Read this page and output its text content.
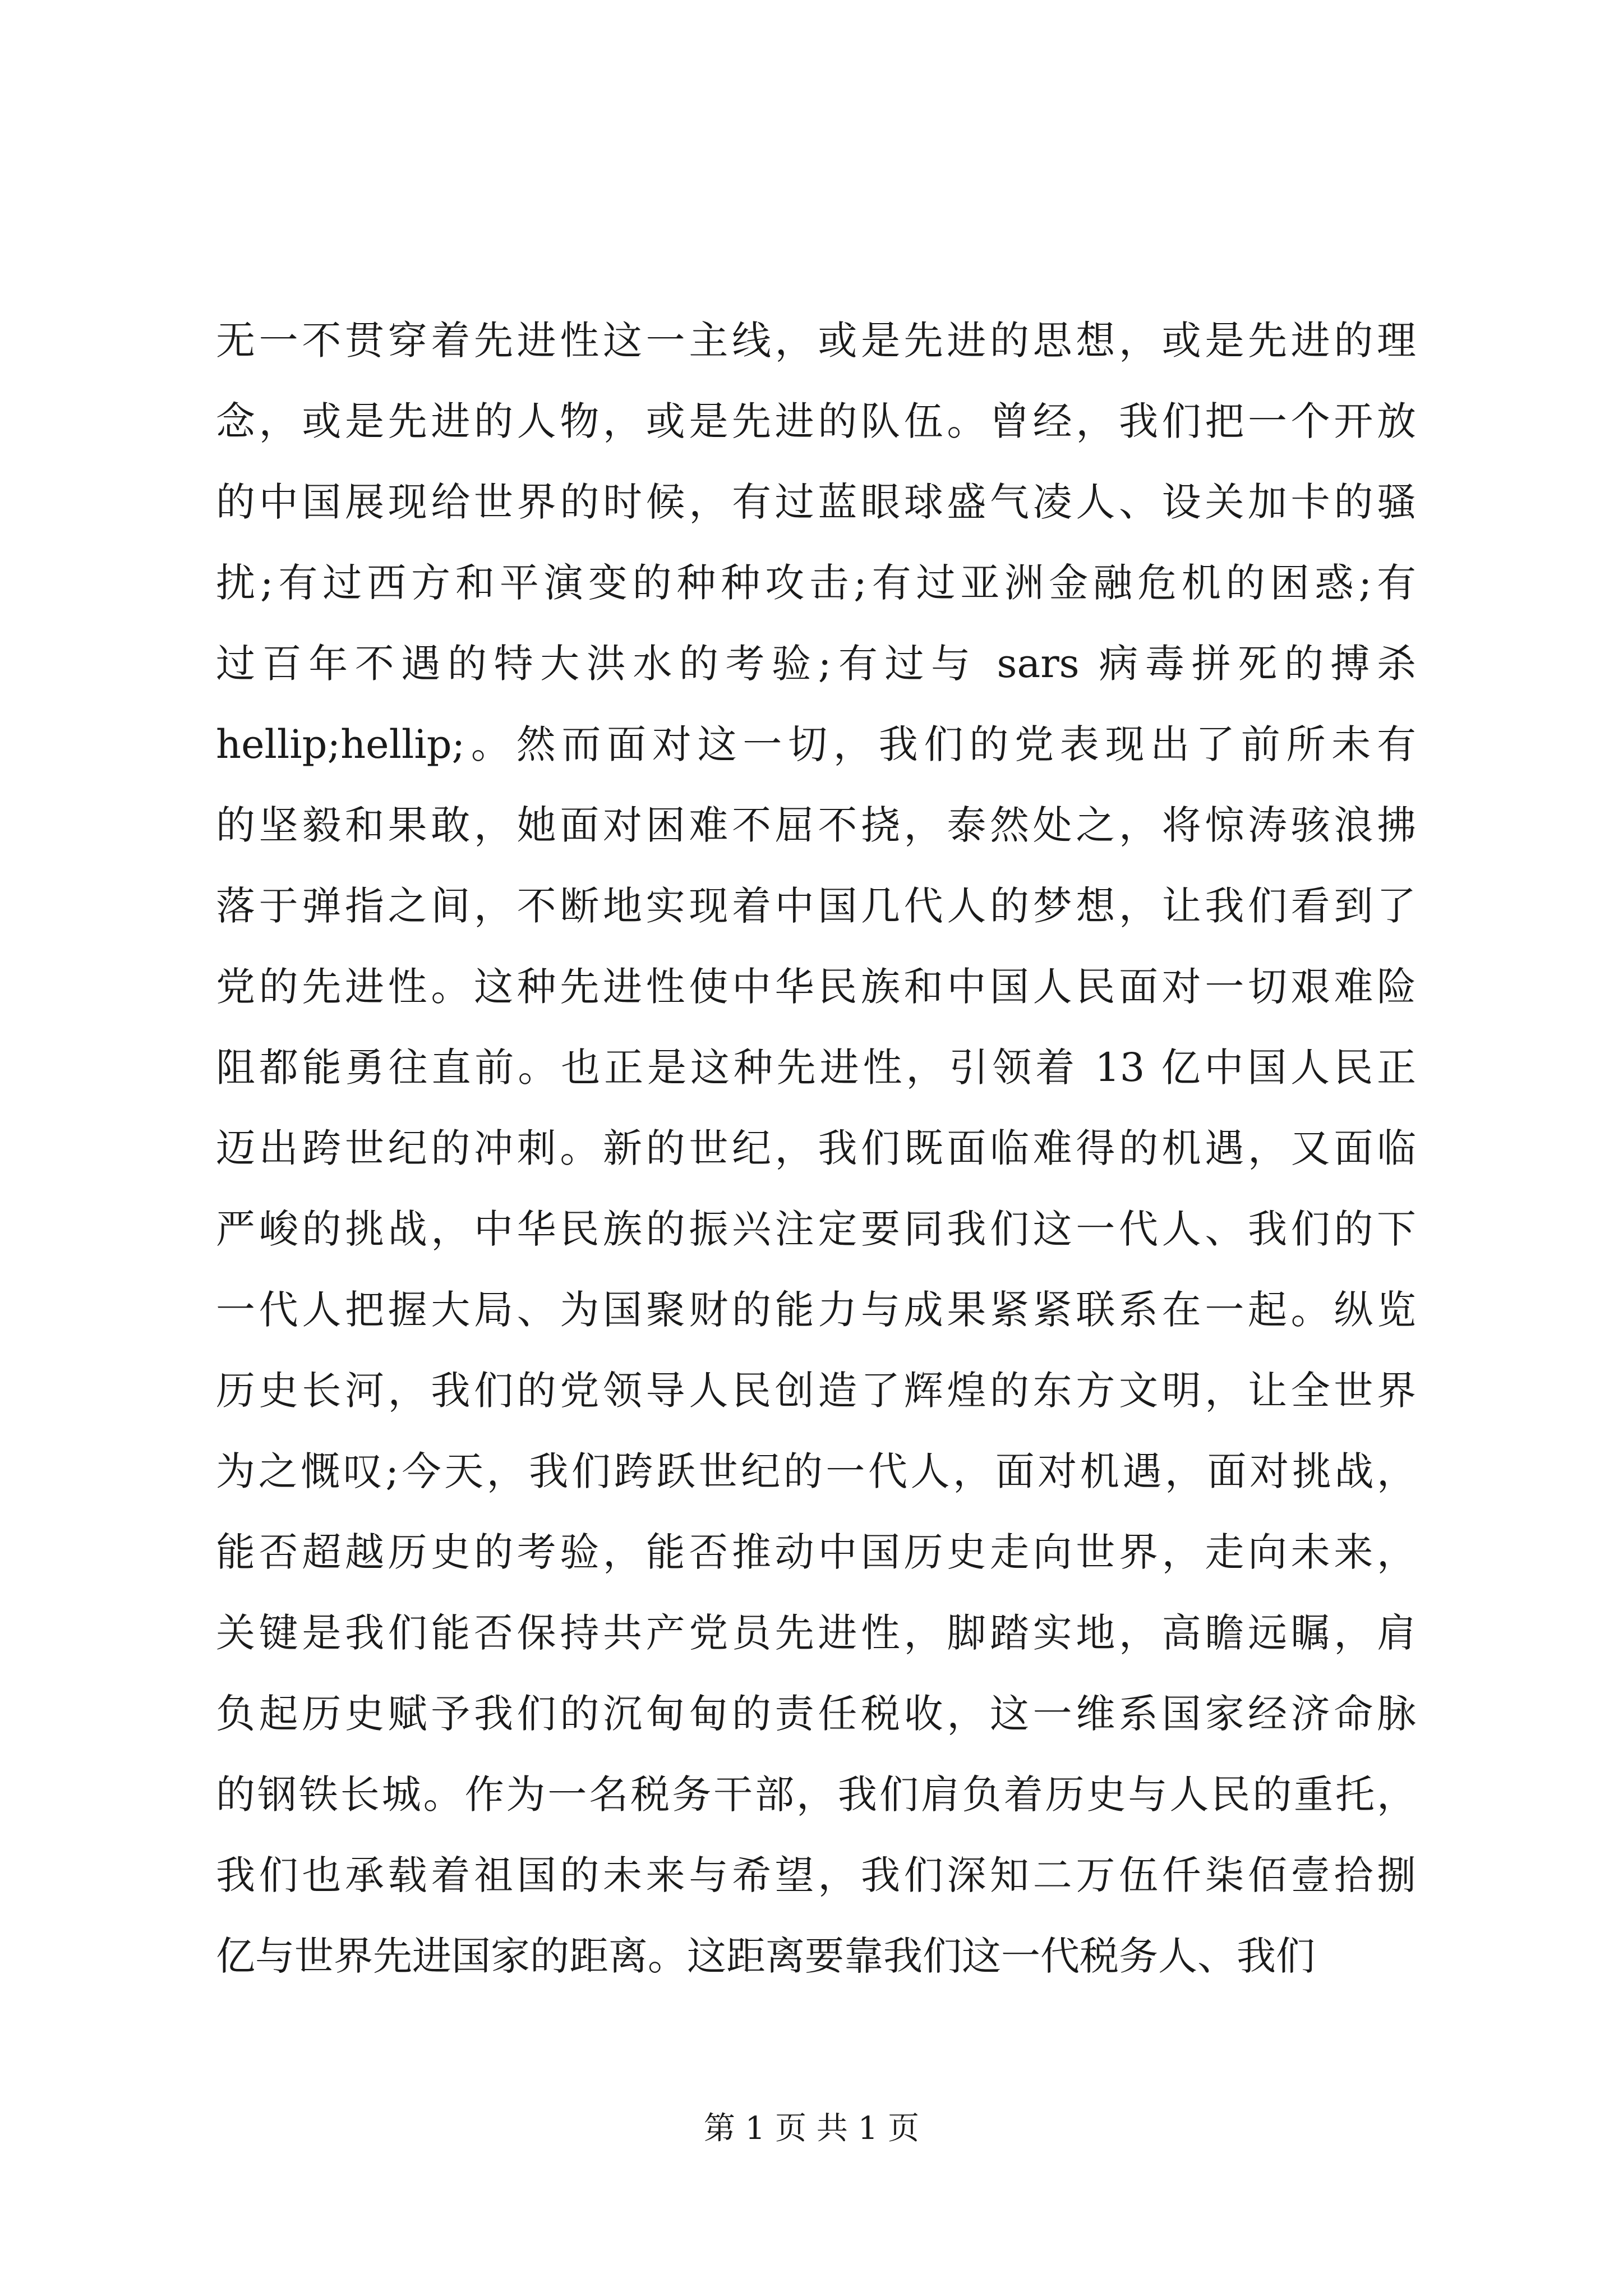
无一不贯穿着先进性这一主线，或是先进的思想，或是先进的理
念，或是先进的人物，或是先进的队伍。曾经，我们把一个开放
的中国展现给世界的时候，有过蓝眼球盛气凌人、设关加卡的骚
扰;有过西方和平演变的种种攻击;有过亚洲金融危机的困惑;有
过百年不遇的特大洪水的考验;有过与 sars 病毒拼死的搏杀
hellip;hellip;。然而面对这一切，我们的党表现出了前所未有
的坚毅和果敢，她面对困难不屈不挠，泰然处之，将惊涛骇浪拂
落于弹指之间，不断地实现着中国几代人的梦想，让我们看到了
党的先进性。这种先进性使中华民族和中国人民面对一切艰难险
阻都能勇往直前。也正是这种先进性，引领着 13 亿中国人民正
迈出跨世纪的冲刺。新的世纪，我们既面临难得的机遇，又面临
严峻的挑战，中华民族的振兴注定要同我们这一代人、我们的下
一代人把握大局、为国聚财的能力与成果紧紧联系在一起。纵览
历史长河，我们的党领导人民创造了辉煌的东方文明，让全世界
为之慨叹;今天，我们跨跃世纪的一代人，面对机遇，面对挑战，
能否超越历史的考验，能否推动中国历史走向世界，走向未来，
关键是我们能否保持共产党员先进性，脚踏实地，高瞻远瞩，肩
负起历史赋予我们的沉甸甸的责任税收，这一维系国家经济命脉
的钢铁长城。作为一名税务干部，我们肩负着历史与人民的重托，
我们也承载着祖国的未来与希望，我们深知二万伍仟柒佰壹拾捌
亿与世界先进国家的距离。这距离要靠我们这一代税务人、我们
第 1 页 共 1 页
